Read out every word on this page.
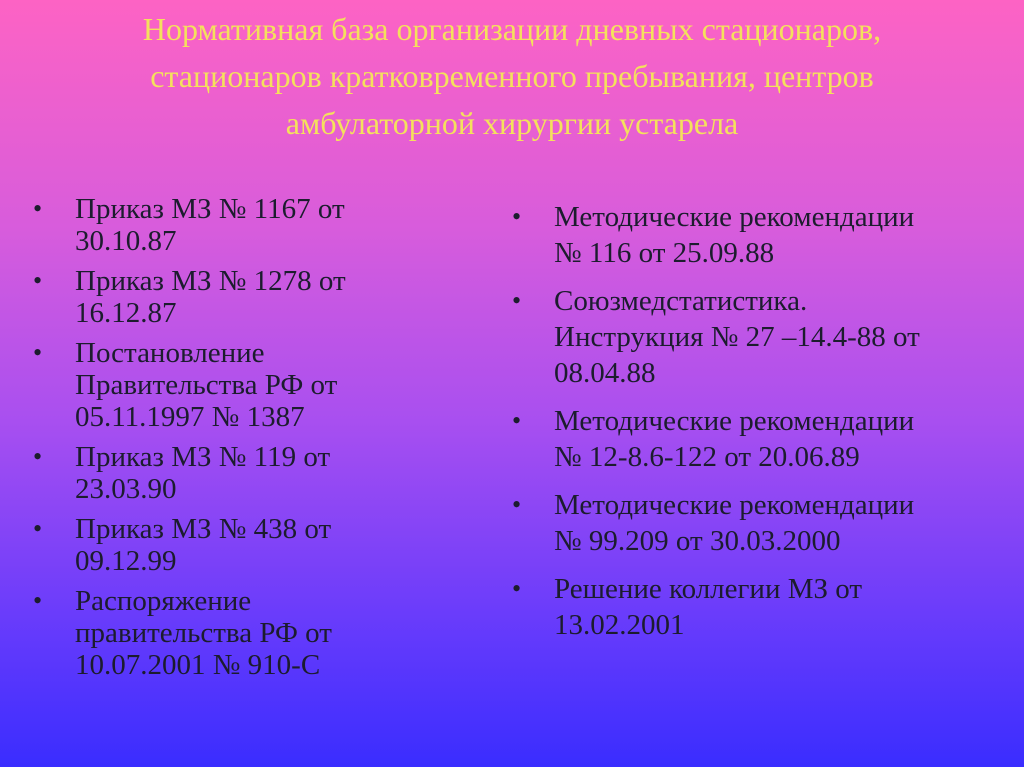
Нормативная база организации дневных стационаров, стационаров кратковременного пребывания, центров амбулаторной хирургии устарела
• Приказ МЗ № 1167 от 30.10.87
• Приказ МЗ № 1278 от 16.12.87
• Постановление Правительства РФ от 05.11.1997 № 1387
• Приказ МЗ № 119 от 23.03.90
• Приказ МЗ № 438 от 09.12.99
• Распоряжение правительства РФ от 10.07.2001 № 910-С
• Методические рекомендации № 116 от 25.09.88
• Союзмедстатистика. Инструкция № 27 –14.4-88 от 08.04.88
• Методические рекомендации № 12-8.6-122 от 20.06.89
• Методические рекомендации № 99.209 от 30.03.2000
• Решение коллегии МЗ от 13.02.2001
